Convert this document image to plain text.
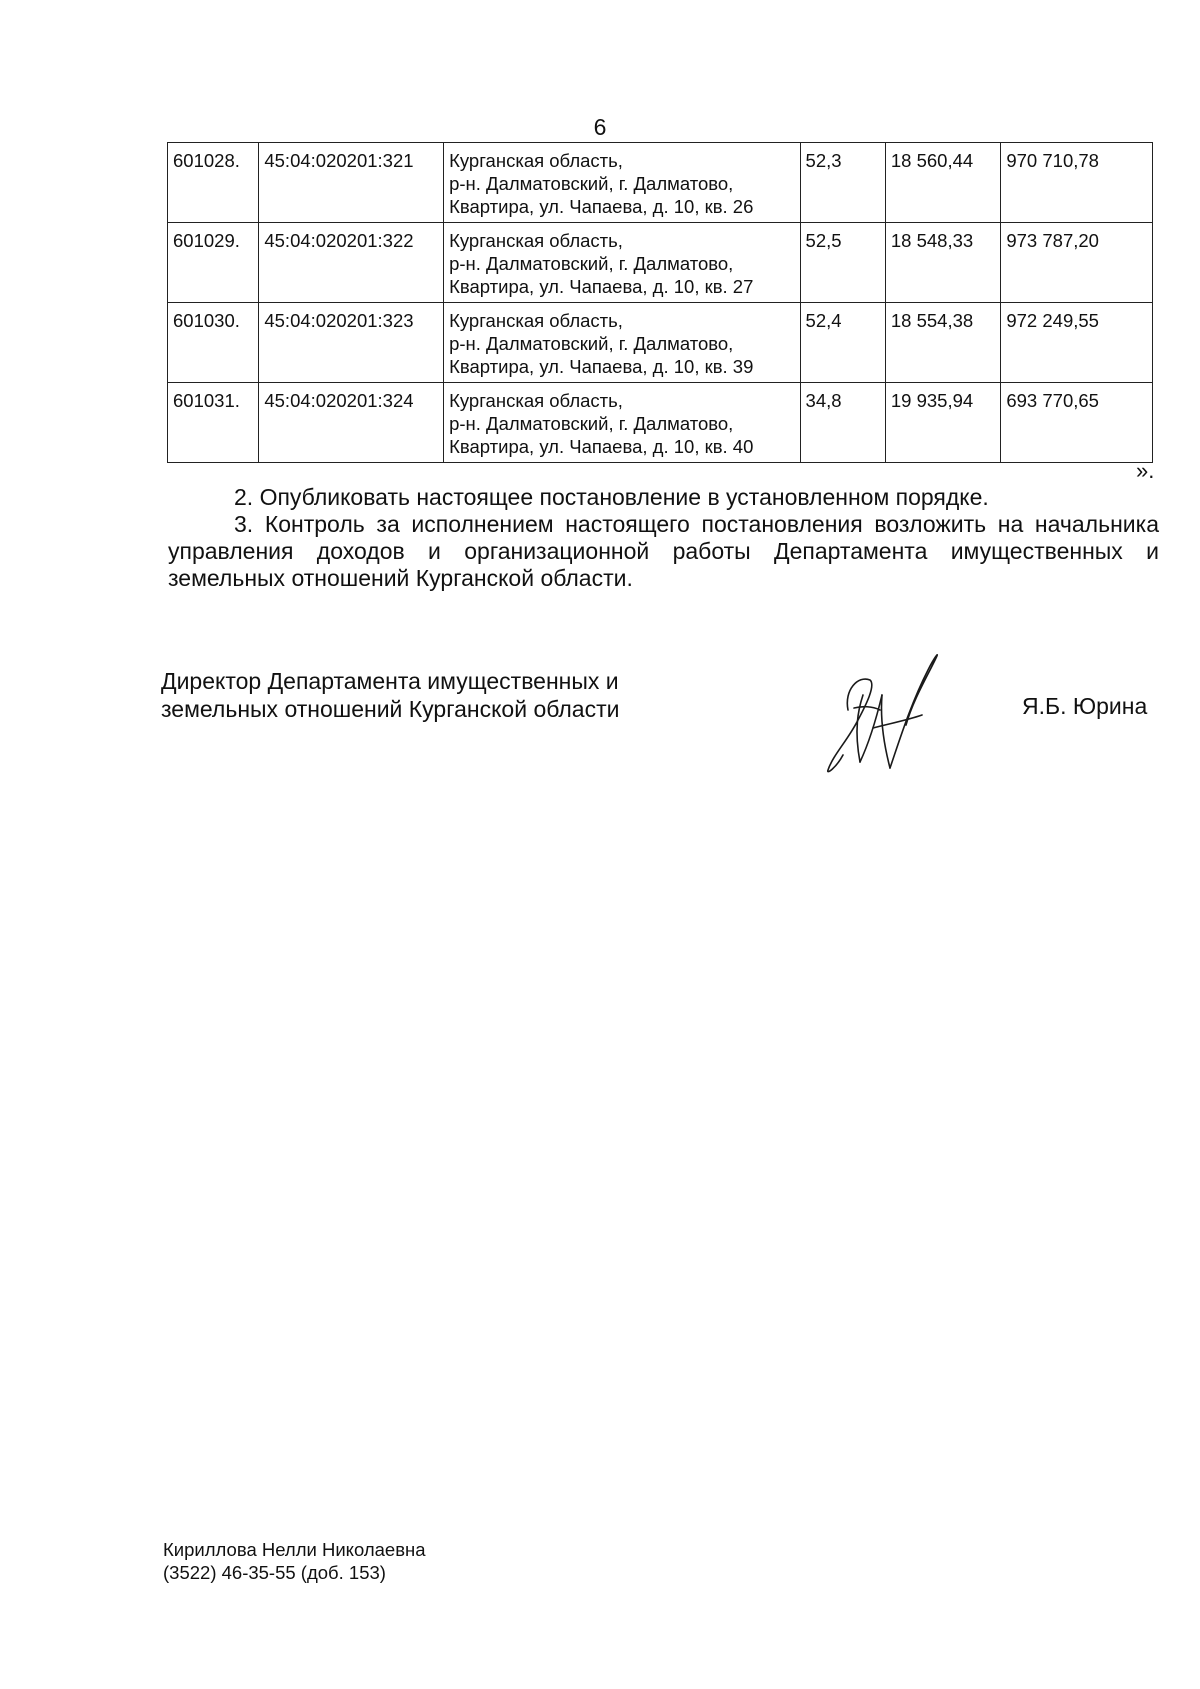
6
601028.	45:04:020201:321	Курганская область,
р-н. Далматовский, г. Далматово,
Квартира, ул. Чапаева, д. 10, кв. 26	52,3	18 560,44	970 710,78
601029.	45:04:020201:322	Курганская область,
р-н. Далматовский, г. Далматово,
Квартира, ул. Чапаева, д. 10, кв. 27	52,5	18 548,33	973 787,20
601030.	45:04:020201:323	Курганская область,
р-н. Далматовский, г. Далматово,
Квартира, ул. Чапаева, д. 10, кв. 39	52,4	18 554,38	972 249,55
601031.	45:04:020201:324	Курганская область,
р-н. Далматовский, г. Далматово,
Квартира, ул. Чапаева, д. 10, кв. 40	34,8	19 935,94	693 770,65
».
2. Опубликовать настоящее постановление в установленном порядке.
3. Контроль за исполнением настоящего постановления возложить на начальника управления доходов и организационной работы Департамента имущественных и земельных отношений Курганской области.
Директор Департамента имущественных и
земельных отношений Курганской области	Я.Б. Юрина
Кириллова Нелли Николаевна
(3522) 46-35-55 (доб. 153)
